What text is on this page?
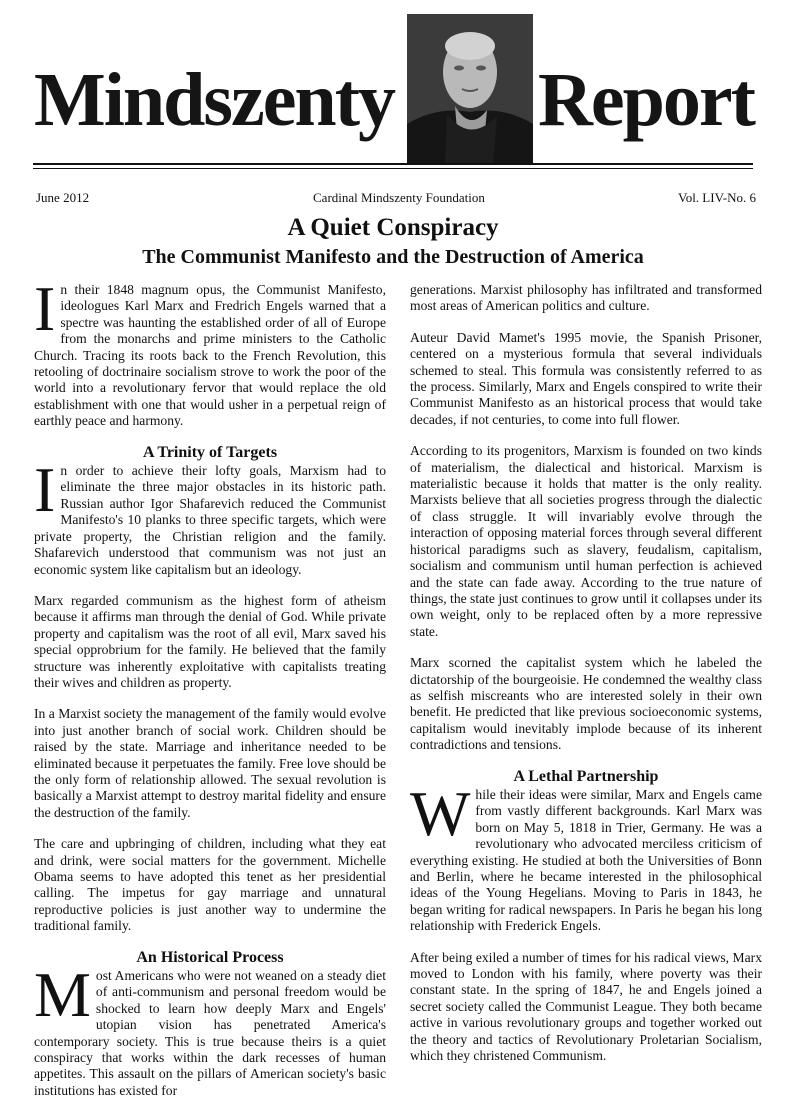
Mindszenty Report
June 2012	Cardinal Mindszenty Foundation	Vol. LIV-No. 6
A Quiet Conspiracy
The Communist Manifesto and the Destruction of America

In their 1848 magnum opus, the Communist Manifesto, ideologues Karl Marx and Fredrich Engels warned that a spectre was haunting the established order of all of Europe from the monarchs and prime ministers to the Catholic Church. Tracing its roots back to the French Revolution, this retooling of doctrinaire socialism strove to work the poor of the world into a revolutionary fervor that would replace the old establishment with one that would usher in a perpetual reign of earthly peace and harmony.

A Trinity of Targets

In order to achieve their lofty goals, Marxism had to eliminate the three major obstacles in its historic path. Russian author Igor Shafarevich reduced the Communist Manifesto's 10 planks to three specific targets, which were private property, the Christian religion and the family. Shafarevich understood that communism was not just an economic system like capitalism but an ideology.

Marx regarded communism as the highest form of atheism because it affirms man through the denial of God. While private property and capitalism was the root of all evil, Marx saved his special opprobrium for the family. He believed that the family structure was inherently exploitative with capitalists treating their wives and children as property.

In a Marxist society the management of the family would evolve into just another branch of social work. Children should be raised by the state. Marriage and inheritance needed to be eliminated because it perpetuates the family. Free love should be the only form of relationship allowed. The sexual revolution is basically a Marxist attempt to destroy marital fidelity and ensure the destruction of the family.

The care and upbringing of children, including what they eat and drink, were social matters for the government. Michelle Obama seems to have adopted this tenet as her presidential calling. The impetus for gay marriage and unnatural reproductive policies is just another way to undermine the traditional family.

An Historical Process

Most Americans who were not weaned on a steady diet of anti-communism and personal freedom would be shocked to learn how deeply Marx and Engels' utopian vision has penetrated America's contemporary society. This is true because theirs is a quiet conspiracy that works within the dark recesses of human appetites. This assault on the pillars of American society's basic institutions has existed for

generations. Marxist philosophy has infiltrated and transformed most areas of American politics and culture.

Auteur David Mamet's 1995 movie, the Spanish Prisoner, centered on a mysterious formula that several individuals schemed to steal. This formula was consistently referred to as the process. Similarly, Marx and Engels conspired to write their Communist Manifesto as an historical process that would take decades, if not centuries, to come into full flower.

According to its progenitors, Marxism is founded on two kinds of materialism, the dialectical and historical. Marxism is materialistic because it holds that matter is the only reality. Marxists believe that all societies progress through the dialectic of class struggle. It will invariably evolve through the interaction of opposing material forces through several different historical paradigms such as slavery, feudalism, capitalism, socialism and communism until human perfection is achieved and the state can fade away. According to the true nature of things, the state just continues to grow until it collapses under its own weight, only to be replaced often by a more repressive state.

Marx scorned the capitalist system which he labeled the dictatorship of the bourgeoisie. He condemned the wealthy class as selfish miscreants who are interested solely in their own benefit. He predicted that like previous socioeconomic systems, capitalism would inevitably implode because of its inherent contradictions and tensions.

A Lethal Partnership

While their ideas were similar, Marx and Engels came from vastly different backgrounds. Karl Marx was born on May 5, 1818 in Trier, Germany. He was a revolutionary who advocated merciless criticism of everything existing. He studied at both the Universities of Bonn and Berlin, where he became interested in the philosophical ideas of the Young Hegelians. Moving to Paris in 1843, he began writing for radical newspapers. In Paris he began his long relationship with Frederick Engels.

After being exiled a number of times for his radical views, Marx moved to London with his family, where poverty was their constant state. In the spring of 1847, he and Engels joined a secret society called the Communist League. They both became active in various revolutionary groups and together worked out the theory and tactics of Revolutionary Proletarian Socialism, which they christened Communism.
